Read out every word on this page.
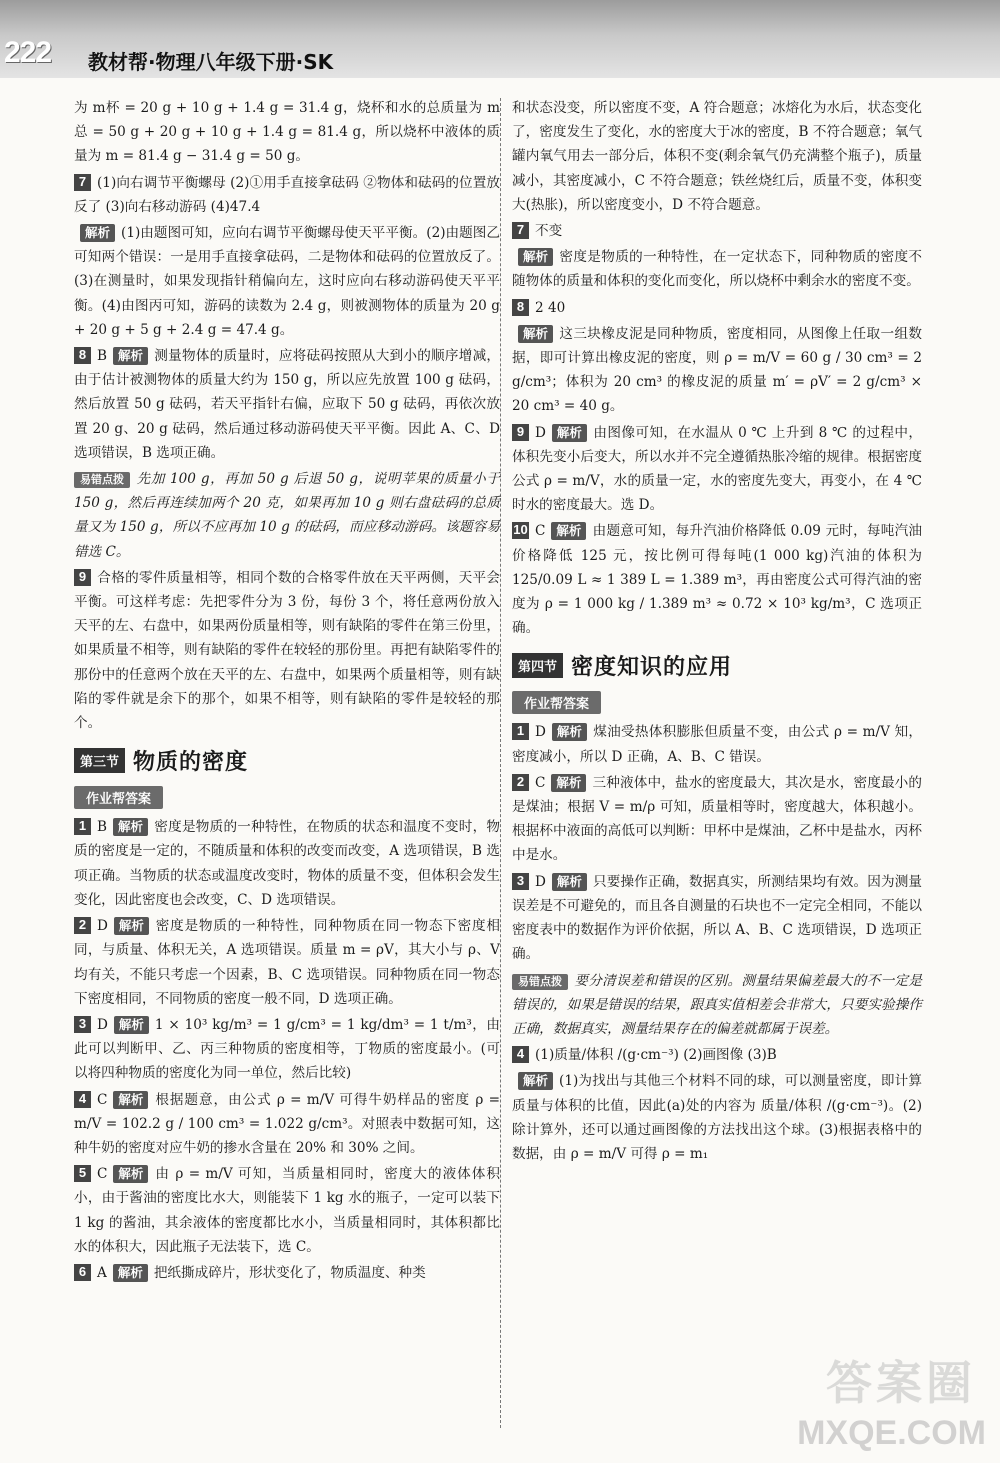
222 教材帮·物理八年级下册·SK

为 m杯 = 20 g + 10 g + 1.4 g = 31.4 g，烧杯和水的总质量为 m总 = 50 g + 20 g + 10 g + 1.4 g = 81.4 g，所以烧杯中液体的质量为 m = 81.4 g − 31.4 g = 50 g。

7 (1)向右调节平衡螺母 (2)①用手直接拿砝码 ②物体和砝码的位置放反了 (3)向右移动游码 (4)47.4

解析 (1)由题图可知，应向右调节平衡螺母使天平平衡。(2)由题图乙可知两个错误：一是用手直接拿砝码，二是物体和砝码的位置放反了。(3)在测量时，如果发现指针稍偏向左，这时应向右移动游码使天平平衡。(4)由图丙可知，游码的读数为 2.4 g，则被测物体的质量为 20 g + 20 g + 5 g + 2.4 g = 47.4 g。

8 B 解析 测量物体的质量时，应将砝码按照从大到小的顺序增减，由于估计被测物体的质量大约为 150 g，所以应先放置 100 g 砝码，然后放置 50 g 砝码，若天平指针右偏，应取下 50 g 砝码，再依次放置 20 g、20 g 砝码，然后通过移动游码使天平平衡。因此 A、C、D 选项错误，B 选项正确。

易错点拨 先加 100 g，再加 50 g 后退 50 g，说明苹果的质量小于 150 g，然后再连续加两个 20 克，如果再加 10 g 则右盘砝码的总质量又为 150 g，所以不应再加 10 g 的砝码，而应移动游码。该题容易错选 C。

9 合格的零件质量相等，相同个数的合格零件放在天平两侧，天平会平衡。可这样考虑：先把零件分为 3 份，每份 3 个，将任意两份放入天平的左、右盘中，如果两份质量相等，则有缺陷的零件在第三份里，如果质量不相等，则有缺陷的零件在较轻的那份里。再把有缺陷零件的那份中的任意两个放在天平的左、右盘中，如果两个质量相等，则有缺陷的零件就是余下的那个，如果不相等，则有缺陷的零件是较轻的那个。

第三节 物质的密度
作业帮答案

1 B 解析 密度是物质的一种特性，在物质的状态和温度不变时，物质的密度是一定的，不随质量和体积的改变而改变，A 选项错误，B 选项正确。当物质的状态或温度改变时，物体的质量不变，但体积会发生变化，因此密度也会改变，C、D 选项错误。

2 D 解析 密度是物质的一种特性，同种物质在同一物态下密度相同，与质量、体积无关，A 选项错误。质量 m = ρV，其大小与 ρ、V 均有关，不能只考虑一个因素，B、C 选项错误。同种物质在同一物态下密度相同，不同物质的密度一般不同，D 选项正确。

3 D 解析 1 × 10³ kg/m³ = 1 g/cm³ = 1 kg/dm³ = 1 t/m³，由此可以判断甲、乙、丙三种物质的密度相等，丁物质的密度最小。(可以将四种物质的密度化为同一单位，然后比较)

4 C 解析 根据题意，由公式 ρ = m/V 可得牛奶样品的密度 ρ = m/V = 102.2 g / 100 cm³ = 1.022 g/cm³。对照表中数据可知，这种牛奶的密度对应牛奶的掺水含量在 20% 和 30% 之间。

5 C 解析 由 ρ = m/V 可知，当质量相同时，密度大的液体体积小，由于酱油的密度比水大，则能装下 1 kg 水的瓶子，一定可以装下 1 kg 的酱油，其余液体的密度都比水小，当质量相同时，其体积都比水的体积大，因此瓶子无法装下，选 C。

6 A 解析 把纸撕成碎片，形状变化了，物质温度、种类

和状态没变，所以密度不变，A 符合题意；冰熔化为水后，状态变化了，密度发生了变化，水的密度大于冰的密度，B 不符合题意；氧气罐内氧气用去一部分后，体积不变(剩余氧气仍充满整个瓶子)，质量减小，其密度减小，C 不符合题意；铁丝烧红后，质量不变，体积变大(热胀)，所以密度变小，D 不符合题意。

7 不变

解析 密度是物质的一种特性，在一定状态下，同种物质的密度不随物体的质量和体积的变化而变化，所以烧杯中剩余水的密度不变。

8 2 40

解析 这三块橡皮泥是同种物质，密度相同，从图像上任取一组数据，即可计算出橡皮泥的密度，则 ρ = m/V = 60 g / 30 cm³ = 2 g/cm³；体积为 20 cm³ 的橡皮泥的质量 m′ = ρV′ = 2 g/cm³ × 20 cm³ = 40 g。

9 D 解析 由图像可知，在水温从 0 ℃ 上升到 8 ℃ 的过程中，体积先变小后变大，所以水并不完全遵循热胀冷缩的规律。根据密度公式 ρ = m/V，水的质量一定，水的密度先变大，再变小，在 4 ℃ 时水的密度最大。选 D。

10 C 解析 由题意可知，每升汽油价格降低 0.09 元时，每吨汽油价格降低 125 元，按比例可得每吨(1 000 kg)汽油的体积为 125/0.09 L ≈ 1 389 L = 1.389 m³，再由密度公式可得汽油的密度为 ρ = 1 000 kg / 1.389 m³ ≈ 0.72 × 10³ kg/m³，C 选项正确。

第四节 密度知识的应用
作业帮答案

1 D 解析 煤油受热体积膨胀但质量不变，由公式 ρ = m/V 知，密度减小，所以 D 正确，A、B、C 错误。

2 C 解析 三种液体中，盐水的密度最大，其次是水，密度最小的是煤油；根据 V = m/ρ 可知，质量相等时，密度越大，体积越小。根据杯中液面的高低可以判断：甲杯中是煤油，乙杯中是盐水，丙杯中是水。

3 D 解析 只要操作正确，数据真实，所测结果均有效。因为测量误差是不可避免的，而且各自测量的石块也不一定完全相同，不能以密度表中的数据作为评价依据，所以 A、B、C 选项错误，D 选项正确。

易错点拨 要分清误差和错误的区别。测量结果偏差最大的不一定是错误的，如果是错误的结果，跟真实值相差会非常大，只要实验操作正确，数据真实，测量结果存在的偏差就都属于误差。

4 (1)质量/体积 /(g·cm⁻³) (2)画图像 (3)B

解析 (1)为找出与其他三个材料不同的球，可以测量密度，即计算质量与体积的比值，因此(a)处的内容为 质量/体积 /(g·cm⁻³)。(2)除计算外，还可以通过画图像的方法找出这个球。(3)根据表格中的数据，由 ρ = m/V 可得 ρ = m₁

答案圈
MXQE.COM
